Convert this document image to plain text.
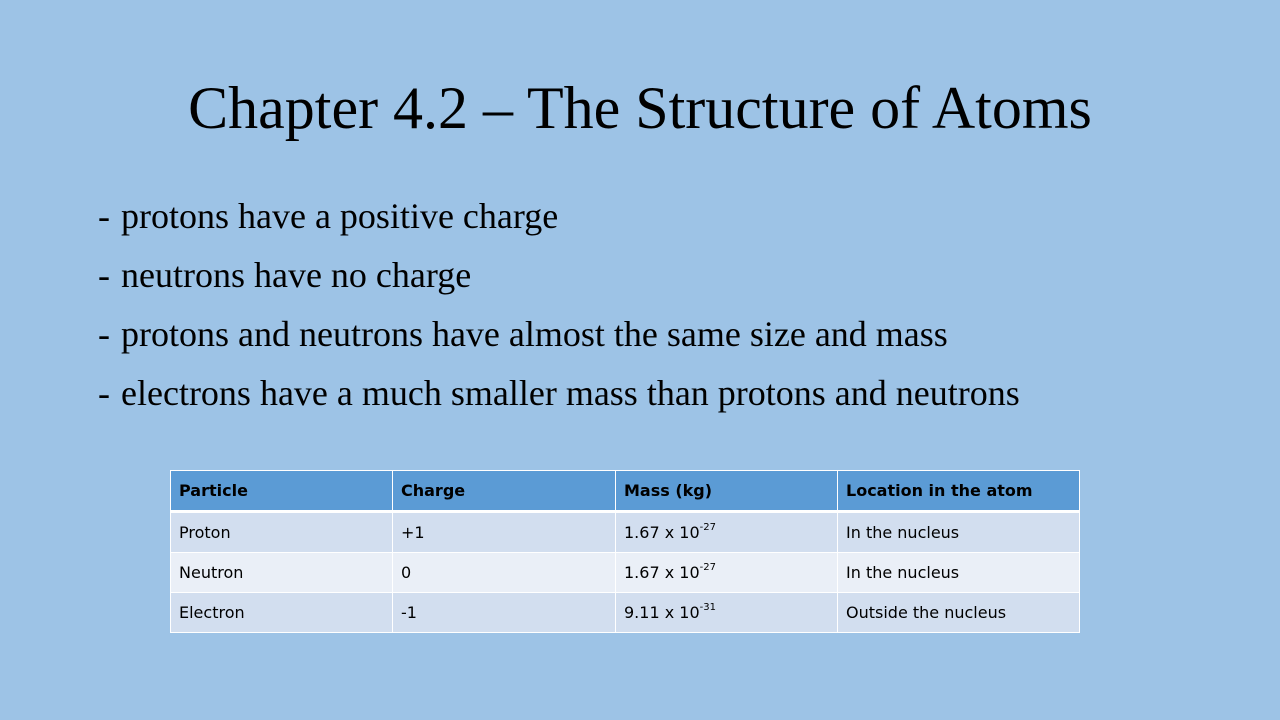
Chapter 4.2 – The Structure of Atoms
- protons have a positive charge
- neutrons have no charge
- protons and neutrons have almost the same size and mass
- electrons have a much smaller mass than protons and neutrons
Particle	Charge	Mass (kg)	Location in the atom
Proton	+1	1.67 x $10^{-27}$	In the nucleus
Neutron	0	1.67 x $10^{-27}$	In the nucleus
Electron	-1	9.11 x $10^{-31}$	Outside the nucleus
